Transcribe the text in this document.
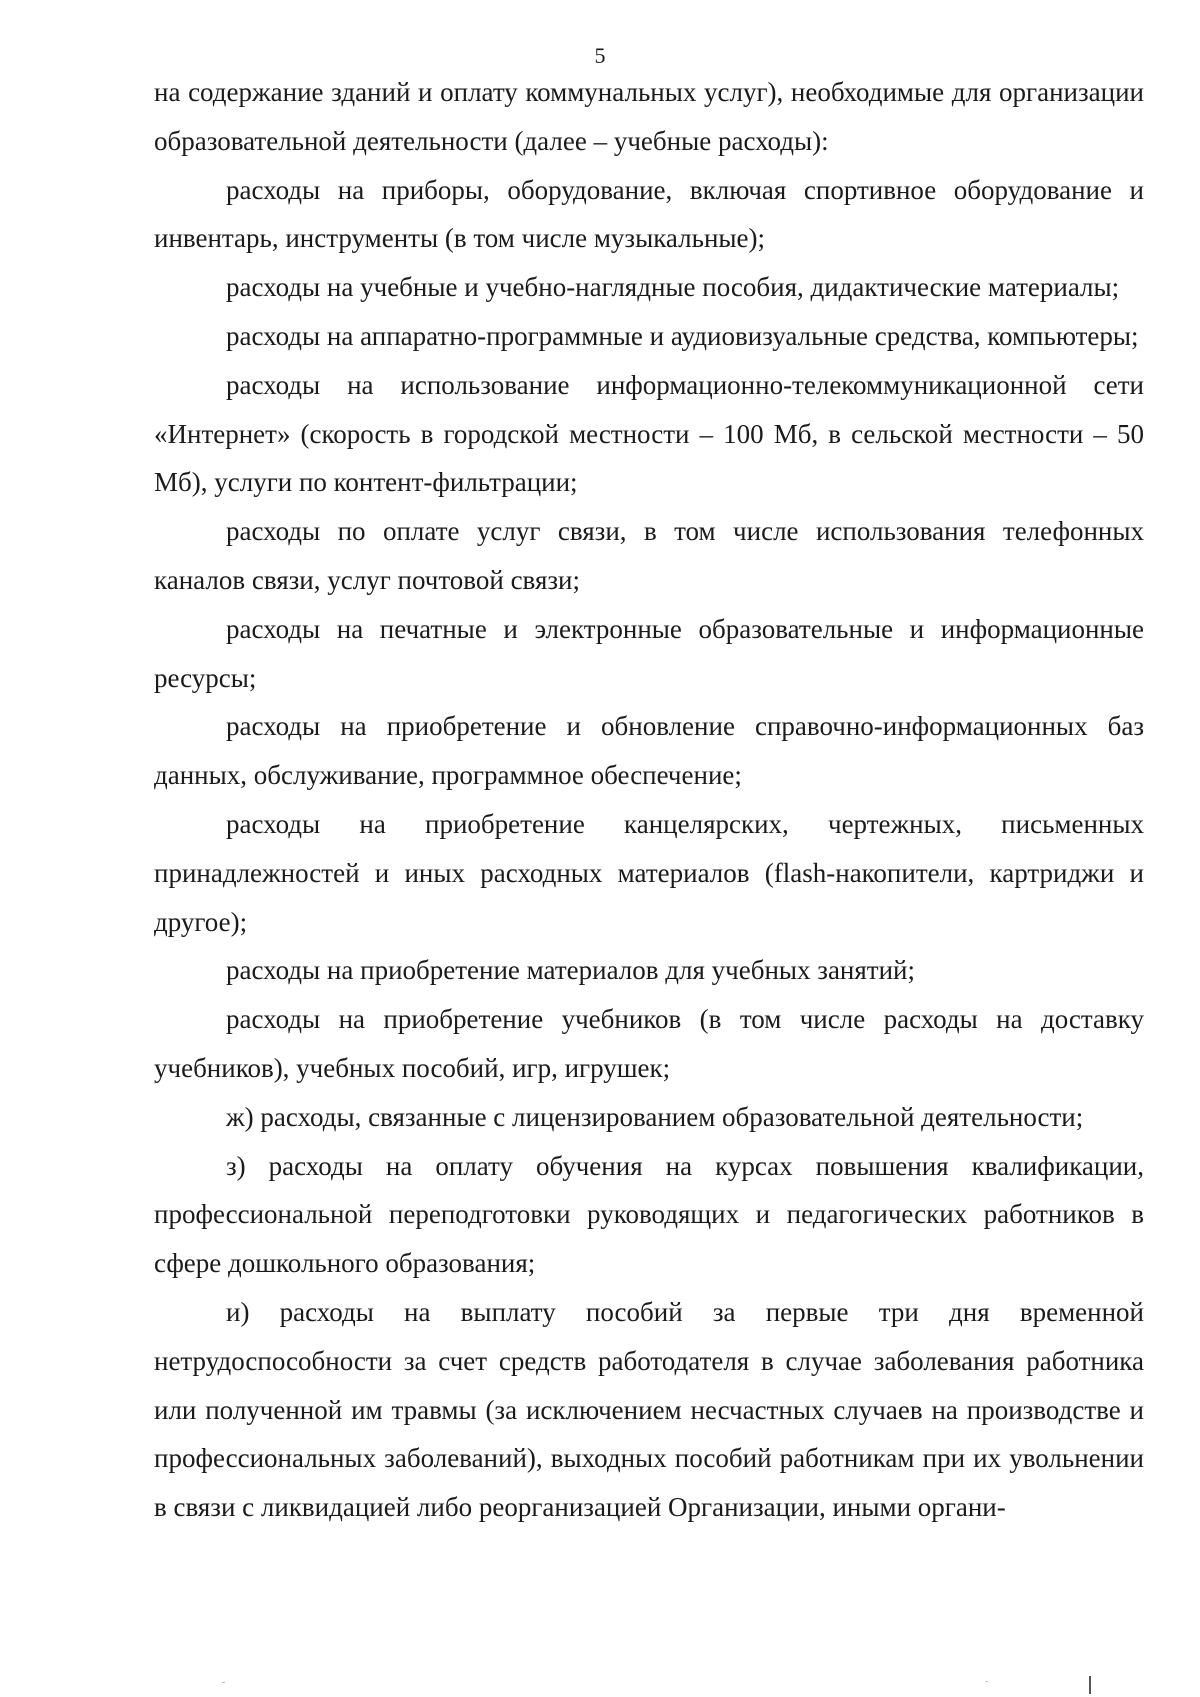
5

на содержание зданий и оплату коммунальных услуг), необходимые для организации образовательной деятельности (далее – учебные расходы):

расходы на приборы, оборудование, включая спортивное оборудование и инвентарь, инструменты (в том числе музыкальные);

расходы на учебные и учебно-наглядные пособия, дидактические материалы;

расходы на аппаратно-программные и аудиовизуальные средства, компьютеры;

расходы на использование информационно-телекоммуникационной сети «Интернет» (скорость в городской местности – 100 Мб, в сельской местности – 50 Мб), услуги по контент-фильтрации;

расходы по оплате услуг связи, в том числе использования телефонных каналов связи, услуг почтовой связи;

расходы на печатные и электронные образовательные и информационные ресурсы;

расходы на приобретение и обновление справочно-информационных баз данных, обслуживание, программное обеспечение;

расходы на приобретение канцелярских, чертежных, письменных принадлежностей и иных расходных материалов (flash-накопители, картриджи и другое);

расходы на приобретение материалов для учебных занятий;

расходы на приобретение учебников (в том числе расходы на доставку учебников), учебных пособий, игр, игрушек;

ж) расходы, связанные с лицензированием образовательной деятельности;

з) расходы на оплату обучения на курсах повышения квалификации, профессиональной переподготовки руководящих и педагогических работников в сфере дошкольного образования;

и) расходы на выплату пособий за первые три дня временной нетрудоспособности за счет средств работодателя в случае заболевания работника или полученной им травмы (за исключением несчастных случаев на производстве и профессиональных заболеваний), выходных пособий работникам при их увольнении в связи с ликвидацией либо реорганизацией Организации, иными органи-
